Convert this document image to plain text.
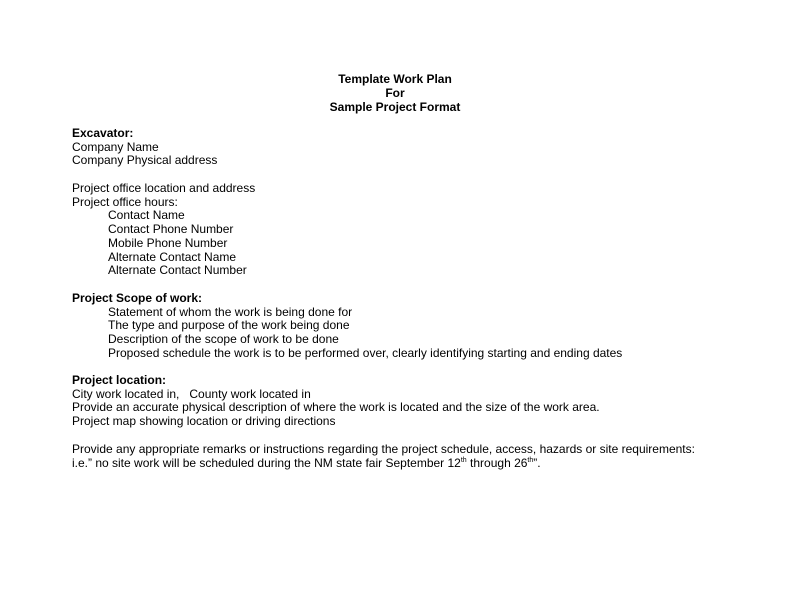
Template Work Plan
For
Sample Project Format
Excavator:
Company Name
Company Physical address
Project office location and address
Project office hours:
Contact Name
Contact Phone Number
Mobile Phone Number
Alternate Contact Name
Alternate Contact Number
Project Scope of work:
Statement of whom the work is being done for
The type and purpose of the work being done
Description of the scope of work to be done
Proposed schedule the work is to be performed over, clearly identifying starting and ending dates
Project location:
City work located in,   County work located in
Provide an accurate physical description of where the work is located and the size of the work area.
Project map showing location or driving directions
Provide any appropriate remarks or instructions regarding the project schedule, access, hazards or site requirements:
i.e.” no site work will be scheduled during the NM state fair September 12th through 26th”.
